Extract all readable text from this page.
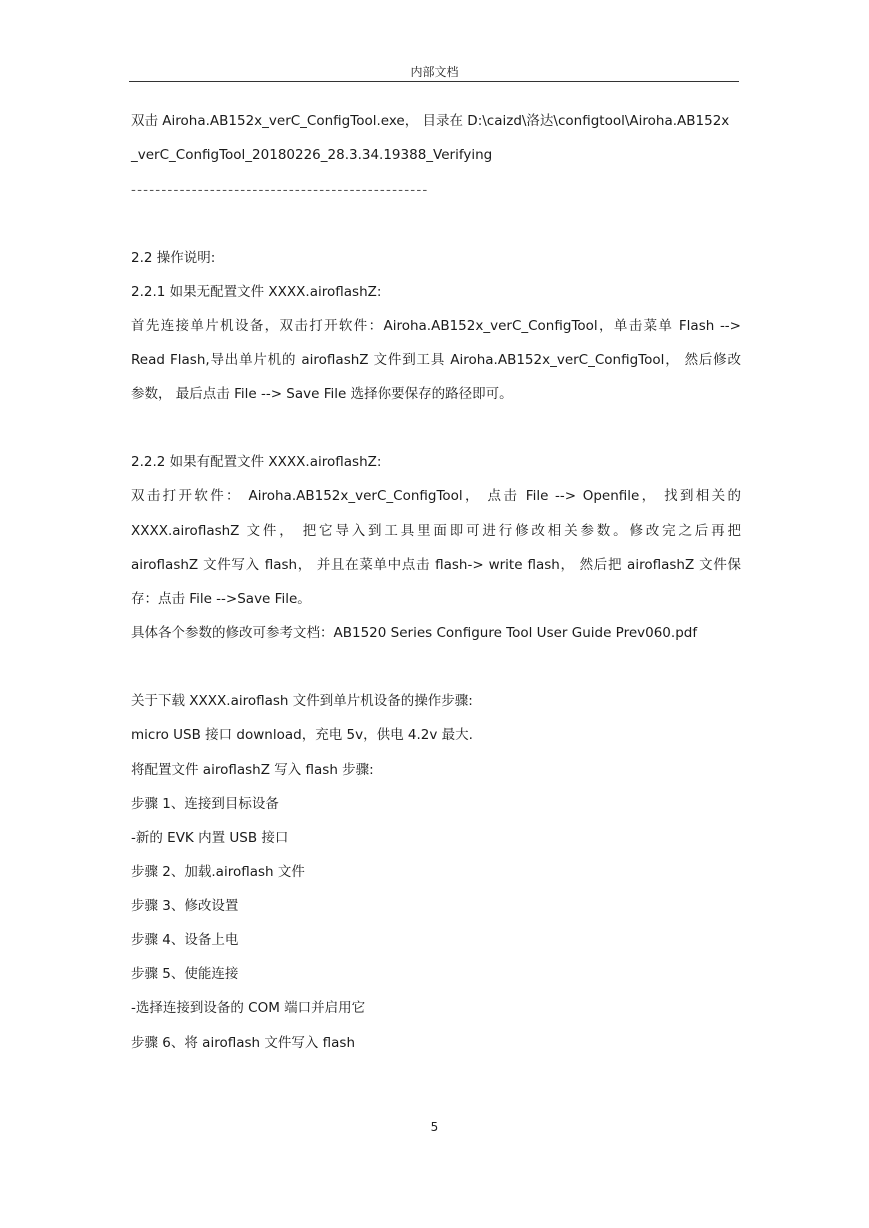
内部文档
双击 Airoha.AB152x_verC_ConfigTool.exe， 目录在 D:\caizd\洛达\configtool\Airoha.AB152x
_verC_ConfigTool_20180226_28.3.34.19388_Verifying
-------------------------------------------------
2.2 操作说明:
2.2.1 如果无配置文件 XXXX.airoflashZ:
首先连接单片机设备，双击打开软件：Airoha.AB152x_verC_ConfigTool，单击菜单 Flash -->
Read Flash,导出单片机的 airoflashZ 文件到工具 Airoha.AB152x_verC_ConfigTool， 然后修改
参数， 最后点击 File --> Save File 选择你要保存的路径即可。
2.2.2 如果有配置文件 XXXX.airoflashZ:
双击打开软件： Airoha.AB152x_verC_ConfigTool， 点击 File --> Openfile， 找到相关的
XXXX.airoflashZ 文件， 把它导入到工具里面即可进行修改相关参数。修改完之后再把
airoflashZ 文件写入 flash， 并且在菜单中点击 flash-> write flash， 然后把 airoflashZ 文件保
存：点击 File -->Save File。
具体各个参数的修改可参考文档：AB1520 Series Configure Tool User Guide Prev060.pdf
关于下载 XXXX.airoflash 文件到单片机设备的操作步骤:
micro USB 接口 download，充电 5v，供电 4.2v 最大.
将配置文件 airoflashZ 写入 flash 步骤:
步骤 1、连接到目标设备
-新的 EVK 内置 USB 接口
步骤 2、加载.airoflash 文件
步骤 3、修改设置
步骤 4、设备上电
步骤 5、使能连接
-选择连接到设备的 COM 端口并启用它
步骤 6、将 airoflash 文件写入 flash
5
